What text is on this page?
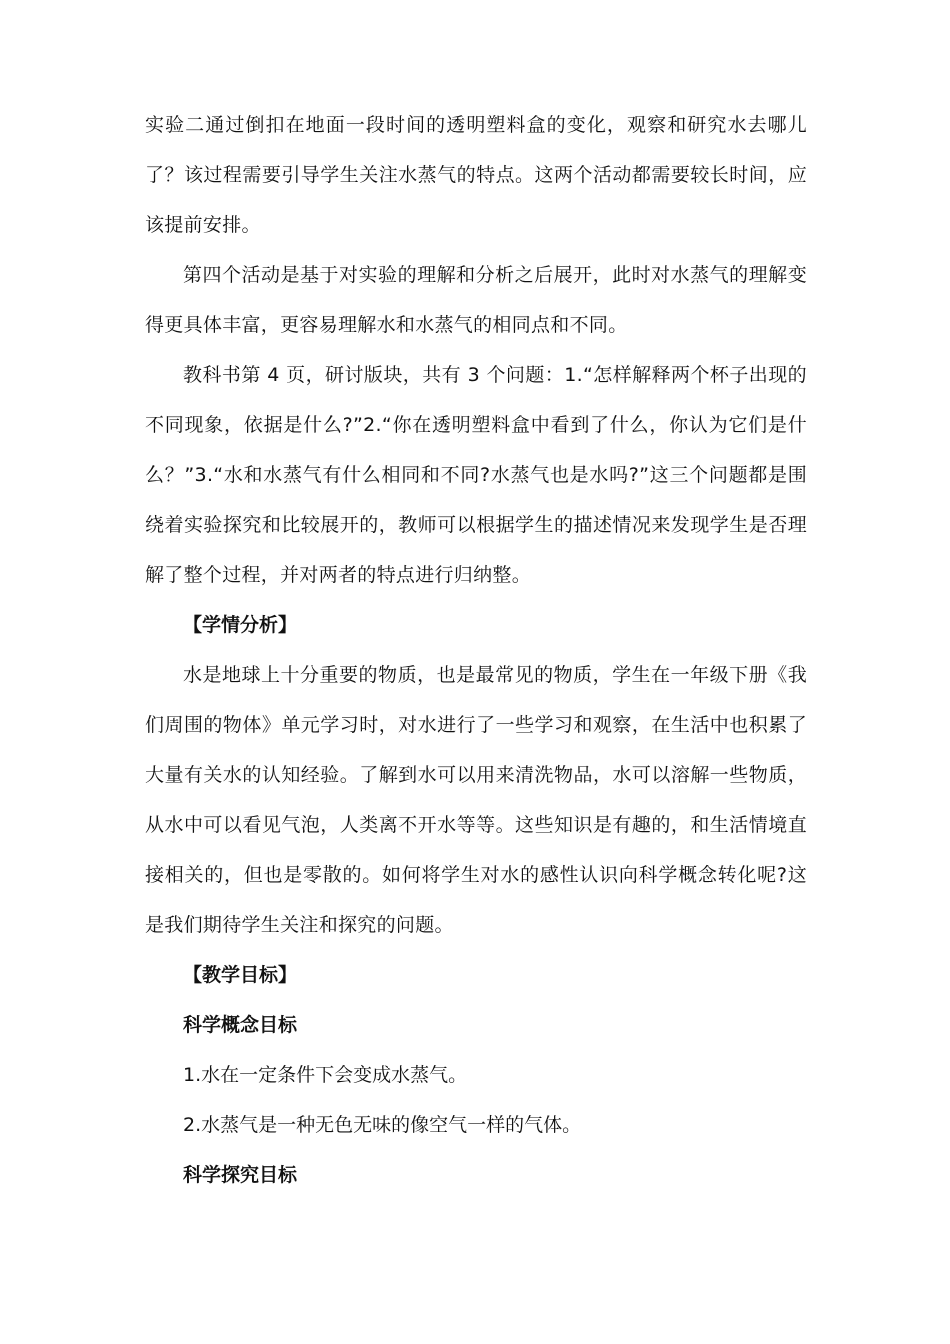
实验二通过倒扣在地面一段时间的透明塑料盒的变化，观察和研究水去哪儿了？该过程需要引导学生关注水蒸气的特点。这两个活动都需要较长时间，应该提前安排。

第四个活动是基于对实验的理解和分析之后展开，此时对水蒸气的理解变得更具体丰富，更容易理解水和水蒸气的相同点和不同。

教科书第 4 页，研讨版块，共有 3 个问题：1.“怎样解释两个杯子出现的不同现象，依据是什么?”2.“你在透明塑料盒中看到了什么，你认为它们是什么？”3.“水和水蒸气有什么相同和不同?水蒸气也是水吗?”这三个问题都是围绕着实验探究和比较展开的，教师可以根据学生的描述情况来发现学生是否理解了整个过程，并对两者的特点进行归纳整。

【学情分析】

水是地球上十分重要的物质，也是最常见的物质，学生在一年级下册《我们周围的物体》单元学习时，对水进行了一些学习和观察，在生活中也积累了大量有关水的认知经验。了解到水可以用来清洗物品，水可以溶解一些物质，从水中可以看见气泡，人类离不开水等等。这些知识是有趣的，和生活情境直接相关的，但也是零散的。如何将学生对水的感性认识向科学概念转化呢?这是我们期待学生关注和探究的问题。

【教学目标】

科学概念目标

1.水在一定条件下会变成水蒸气。

2.水蒸气是一种无色无味的像空气一样的气体。

科学探究目标
